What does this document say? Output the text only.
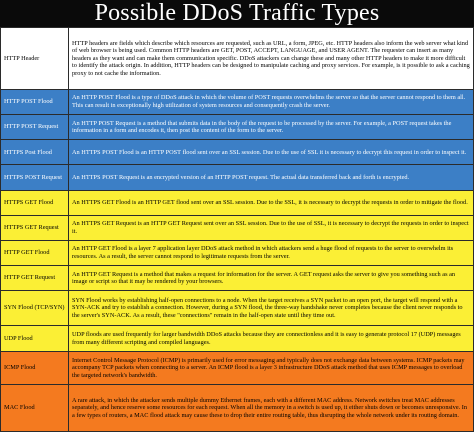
Possible DDoS Traffic Types
HTTP Header	HTTP headers are fields which describe which resources are requested, such as URL, a form, JPEG, etc. HTTP headers also inform the web server what kind of web browser is being used. Common HTTP headers are GET, POST, ACCEPT, LANGUAGE, and USER AGENT. The requester can insert as many headers as they want and can make them communication specific. DDoS attackers can change these and many other HTTP headers to make it more difficult to identify the attack origin. In addition, HTTP headers can be designed to manipulate caching and proxy services. For example, is it possible to ask a caching proxy to not cache the information.
HTTP POST Flood	An HTTP POST Flood is a type of DDoS attack in which the volume of POST requests overwhelms the server so that the server cannot respond to them all. This can result in exceptionally high utilization of system resources and consequently crash the server.
HTTP POST Request	An HTTP POST Request is a method that submits data in the body of the request to be processed by the server. For example, a POST request takes the information in a form and encodes it, then post the content of the form to the server.
HTTPS Post Flood	An HTTPS POST Flood is an HTTP POST flood sent over an SSL session. Due to the use of SSL it is necessary to decrypt this request in order to inspect it.
HTTPS POST Request	An HTTPS POST Request is an encrypted version of an HTTP POST request. The actual data transferred back and forth is encrypted.
HTTPS GET Flood	An HTTPS GET Flood is an HTTP GET flood sent over an SSL session. Due to the SSL, it is necessary to decrypt the requests in order to mitigate the flood.
HTTPS GET Request	An HTTPS GET Request is an HTTP GET Request sent over an SSL session. Due to the use of SSL, it is necessary to decrypt the requests in order to inspect it.
HTTP GET Flood	An HTTP GET Flood is a layer 7 application layer DDoS attack method in which attackers send a huge flood of requests to the server to overwhelm its resources. As a result, the server cannot respond to legitimate requests from the server.
HTTP GET Request	An HTTP GET Request is a method that makes a request for information for the server. A GET request asks the server to give you something such as an image or script so that it may be rendered by your browsers.
SYN Flood (TCP/SYN)	SYN Flood works by establishing half-open connections to a node. When the target receives a SYN packet to an open port, the target will respond with a SYN-ACK and try to establish a connection. However, during a SYN flood, the three-way handshake never completes because the client never responds to the server's SYN-ACK. As a result, these "connections" remain in the half-open state until they time out.
UDP Flood	UDP floods are used frequently for larger bandwidth DDoS attacks because they are connectionless and it is easy to generate protocol 17 (UDP) messages from many different scripting and compiled languages.
ICMP Flood	Internet Control Message Protocol (ICMP) is primarily used for error messaging and typically does not exchange data between systems. ICMP packets may accompany TCP packets when connecting to a server. An ICMP flood is a layer 3 infrastructure DDoS attack method that uses ICMP messages to overload the targeted network's bandwidth.
MAC Flood	A rare attack, in which the attacker sends multiple dummy Ethernet frames, each with a different MAC address. Network switches treat MAC addresses separately, and hence reserve some resources for each request. When all the memory in a switch is used up, it either shuts down or becomes unresponsive. In a few types of routers, a MAC flood attack may cause these to drop their entire routing table, thus disrupting the whole network under its routing domain.
